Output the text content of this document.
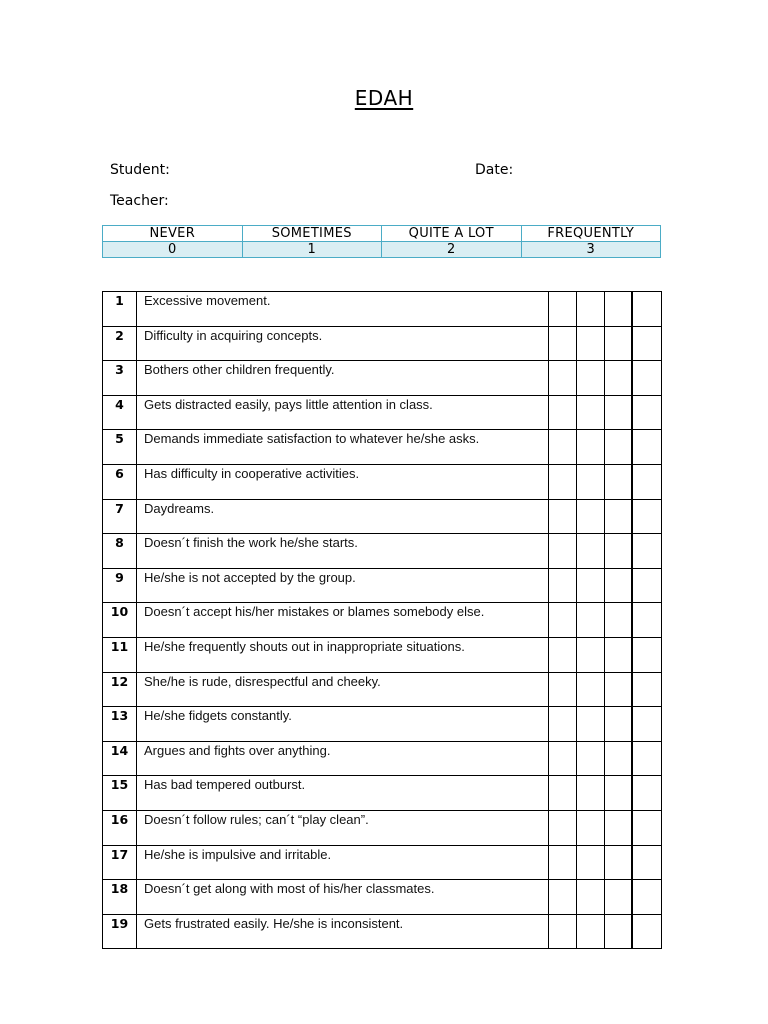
EDAH
Student:	Date:
Teacher:
NEVER	SOMETIMES	QUITE A LOT	FREQUENTLY
0	1	2	3
1	Excessive movement.				
2	Difficulty in acquiring concepts.				
3	Bothers other children frequently.				
4	Gets distracted easily, pays little attention in class.				
5	Demands immediate satisfaction to whatever he/she asks.				
6	Has difficulty in cooperative activities.				
7	Daydreams.				
8	Doesn´t finish the work he/she starts.				
9	He/she is not accepted by the group.				
10	Doesn´t accept his/her mistakes or blames somebody else.				
11	He/she frequently shouts out in inappropriate situations.				
12	She/he is rude, disrespectful and cheeky.				
13	He/she fidgets constantly.				
14	Argues and fights over anything.				
15	Has bad tempered outburst.				
16	Doesn´t follow rules; can´t “play clean”.				
17	He/she is impulsive and irritable.				
18	Doesn´t get along with most of his/her classmates.				
19	Gets frustrated easily. He/she is inconsistent.				
